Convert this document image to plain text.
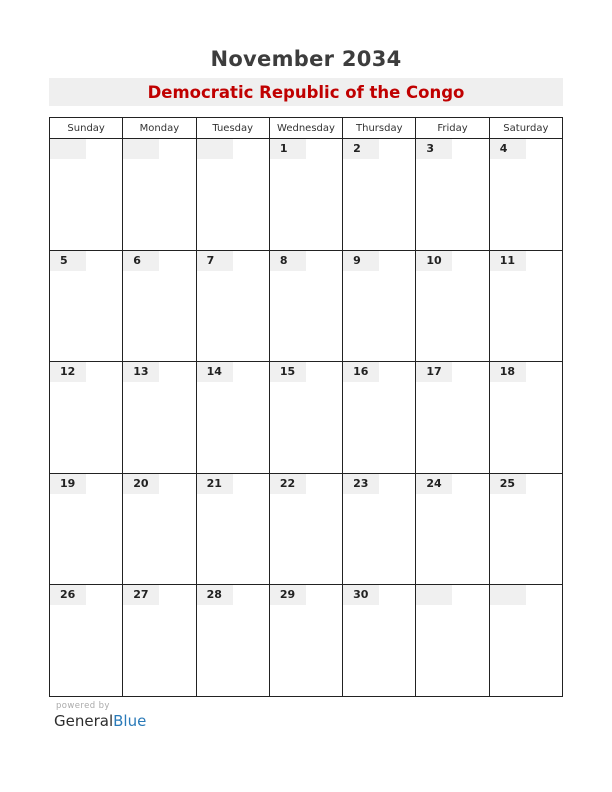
November 2034
Democratic Republic of the Congo
Sunday	Monday	Tuesday	Wednesday	Thursday	Friday	Saturday

			1	2	3	4

5	6	7	8	9	10	11

12	13	14	15	16	17	18

19	20	21	22	23	24	25

26	27	28	29	30		

powered by
GeneralBlue
